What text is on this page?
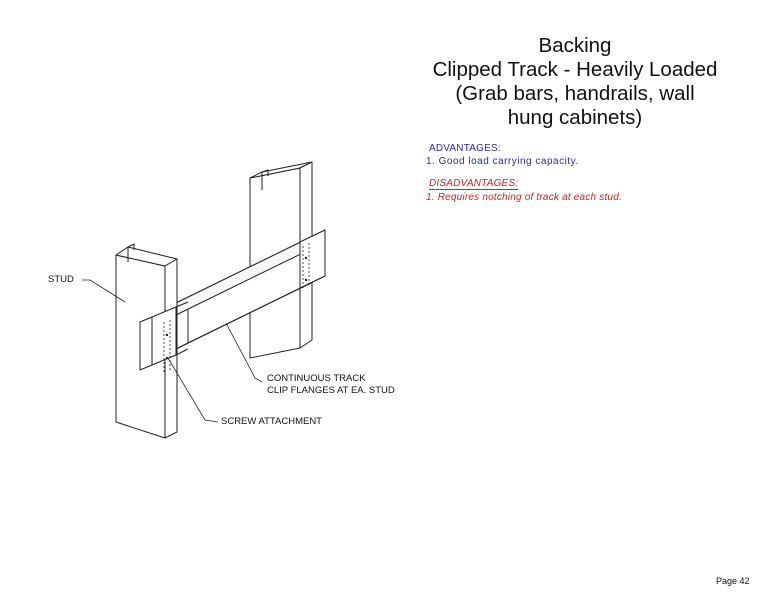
Backing
Clipped Track - Heavily Loaded
(Grab bars, handrails, wall
hung cabinets)
ADVANTAGES:
1. Good load carrying capacity.
DISADVANTAGES:
1. Requires notching of track at each stud.
STUD
CONTINUOUS TRACK
CLIP FLANGES AT EA. STUD
SCREW ATTACHMENT
Page 42
